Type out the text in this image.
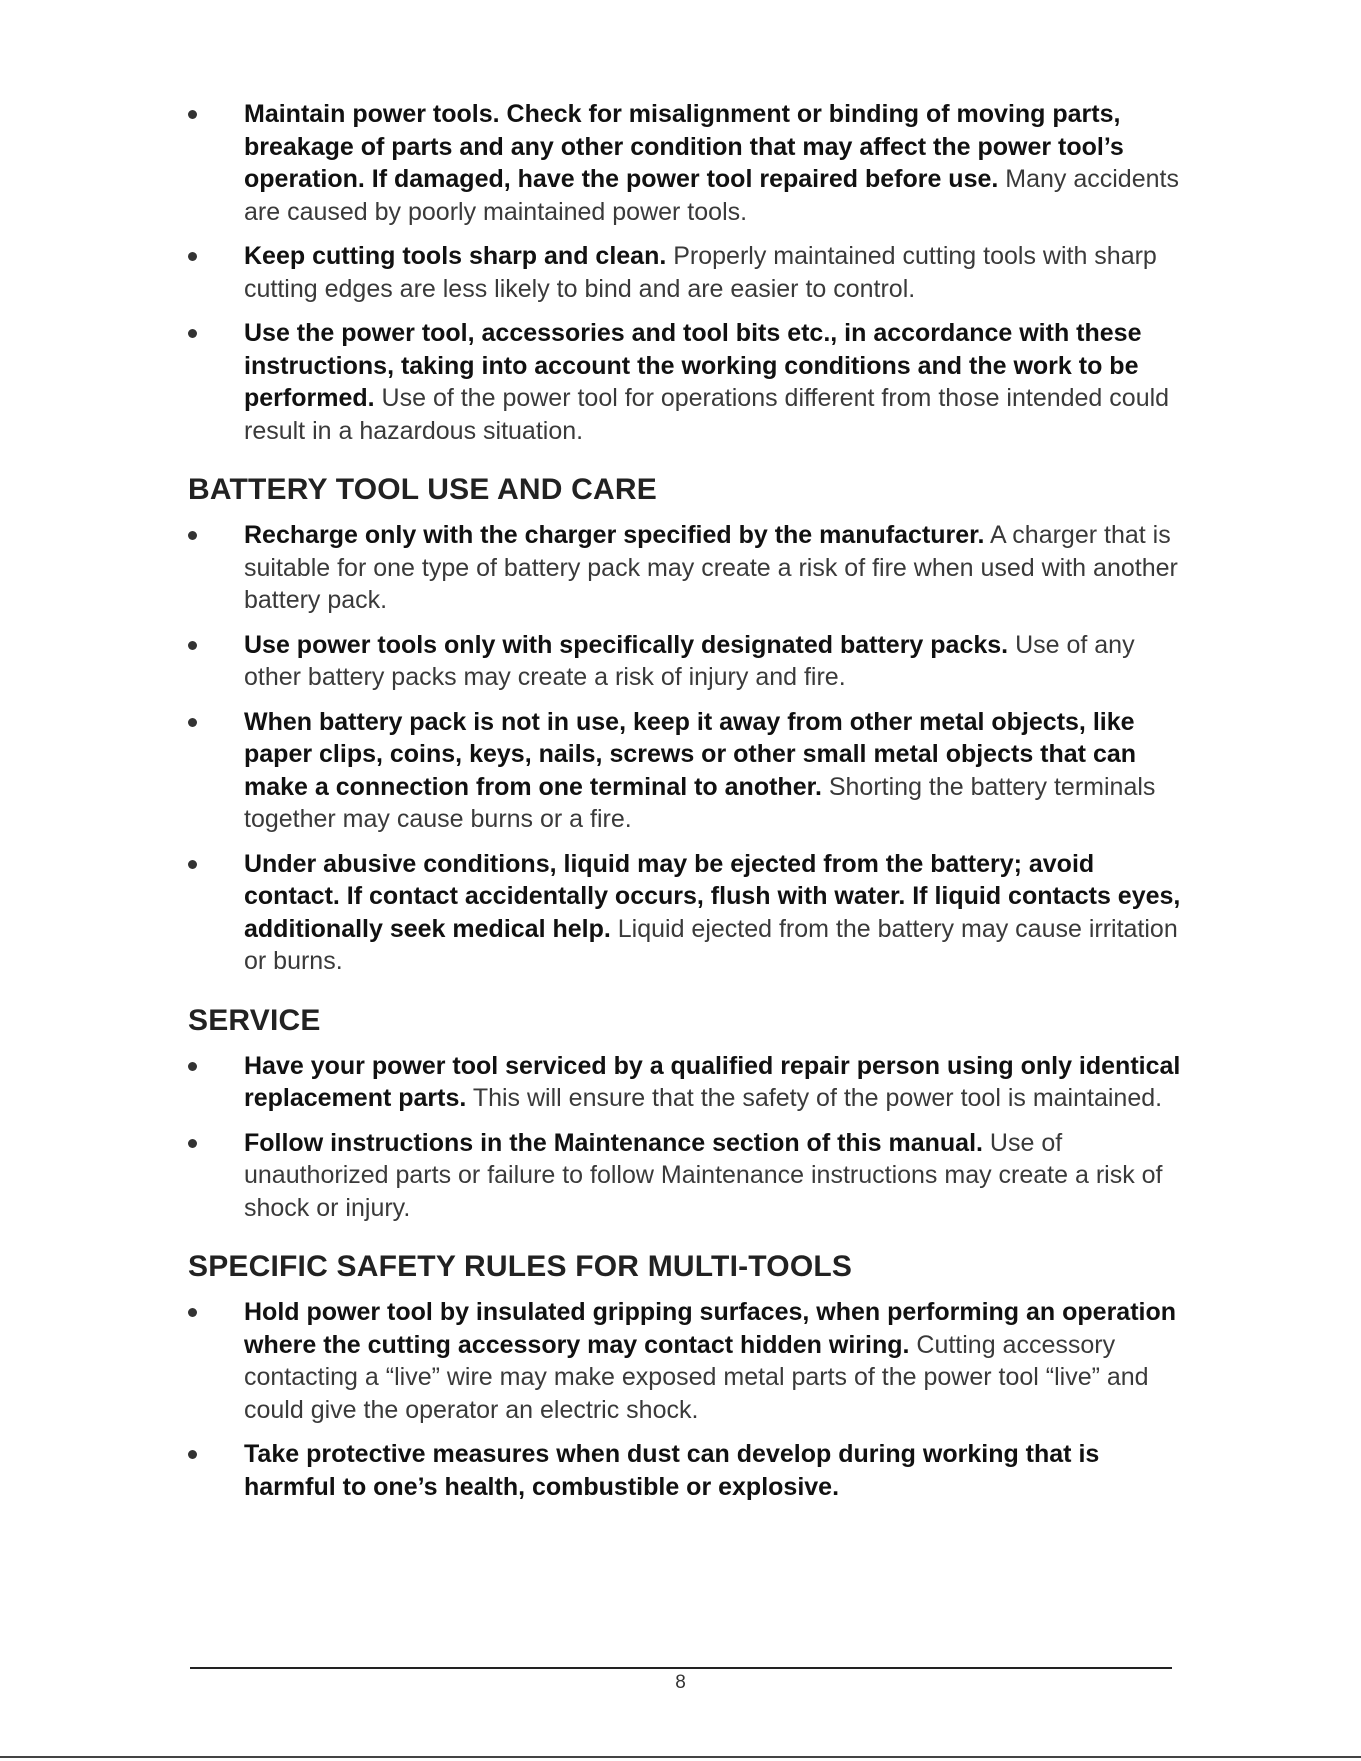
Maintain power tools. Check for misalignment or binding of moving parts, breakage of parts and any other condition that may affect the power tool’s operation. If damaged, have the power tool repaired before use. Many accidents are caused by poorly maintained power tools.
Keep cutting tools sharp and clean. Properly maintained cutting tools with sharp cutting edges are less likely to bind and are easier to control.
Use the power tool, accessories and tool bits etc., in accordance with these instructions, taking into account the working conditions and the work to be performed. Use of the power tool for operations different from those intended could result in a hazardous situation.
BATTERY TOOL USE AND CARE
Recharge only with the charger specified by the manufacturer. A charger that is suitable for one type of battery pack may create a risk of fire when used with another battery pack.
Use power tools only with specifically designated battery packs. Use of any other battery packs may create a risk of injury and fire.
When battery pack is not in use, keep it away from other metal objects, like paper clips, coins, keys, nails, screws or other small metal objects that can make a connection from one terminal to another. Shorting the battery terminals together may cause burns or a fire.
Under abusive conditions, liquid may be ejected from the battery; avoid contact. If contact accidentally occurs, flush with water. If liquid contacts eyes, additionally seek medical help. Liquid ejected from the battery may cause irritation or burns.
SERVICE
Have your power tool serviced by a qualified repair person using only identical replacement parts. This will ensure that the safety of the power tool is maintained.
Follow instructions in the Maintenance section of this manual. Use of unauthorized parts or failure to follow Maintenance instructions may create a risk of shock or injury.
SPECIFIC SAFETY RULES FOR MULTI-TOOLS
Hold power tool by insulated gripping surfaces, when performing an operation where the cutting accessory may contact hidden wiring. Cutting accessory contacting a “live” wire may make exposed metal parts of the power tool “live” and could give the operator an electric shock.
Take protective measures when dust can develop during working that is harmful to one’s health, combustible or explosive.
8
